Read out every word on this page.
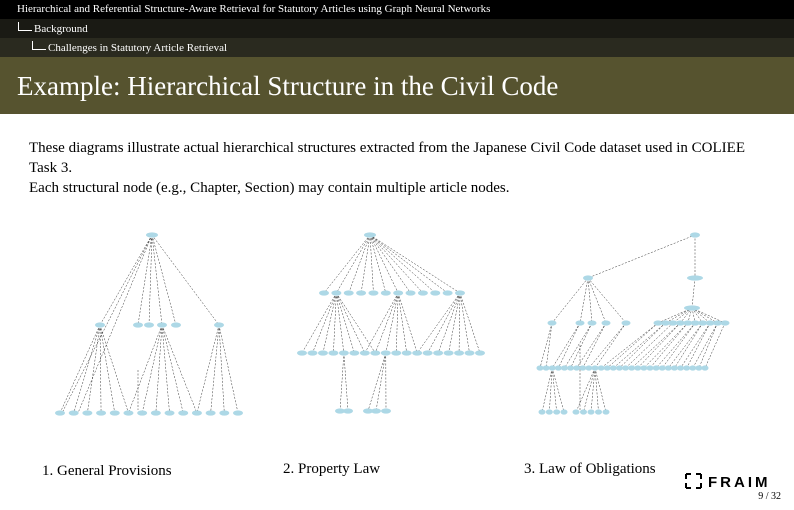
Hierarchical and Referential Structure-Aware Retrieval for Statutory Articles using Graph Neural Networks
Background
Challenges in Statutory Article Retrieval
Example: Hierarchical Structure in the Civil Code

These diagrams illustrate actual hierarchical structures extracted from the Japanese Civil Code dataset used in COLIEE Task 3.

Each structural node (e.g., Chapter, Section) may contain multiple article nodes.

1. General Provisions	2. Property Law	3. Law of Obligations
FRAIM
9 / 32
